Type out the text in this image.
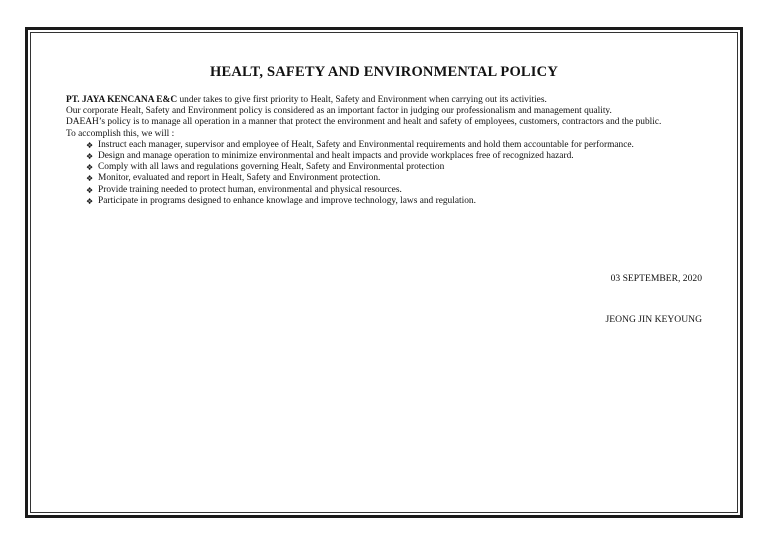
HEALT, SAFETY AND ENVIRONMENTAL POLICY

PT. JAYA KENCANA E&C under takes to give first priority to Healt, Safety and Environment when carrying out its activities.

Our corporate Healt, Safety and Environment policy is considered as an important factor in judging our professionalism and management quality.

DAEAH’s policy is to manage all operation in a manner that protect the environment and healt and safety of employees, customers, contractors and the public.

To accomplish this, we will :

❖ Instruct each manager, supervisor and employee of Healt, Safety and Environmental requirements and hold them accountable for performance.
❖ Design and manage operation to minimize environmental and healt impacts and provide workplaces free of recognized hazard.
❖ Comply with all laws and regulations governing Healt, Safety and Environmental protection
❖ Monitor, evaluated and report in Healt, Safety and Environment protection.
❖ Provide training needed to protect human, environmental and physical resources.
❖ Participate in programs designed to enhance knowlage and improve technology, laws and regulation.
03 SEPTEMBER, 2020
JEONG JIN KEYOUNG
